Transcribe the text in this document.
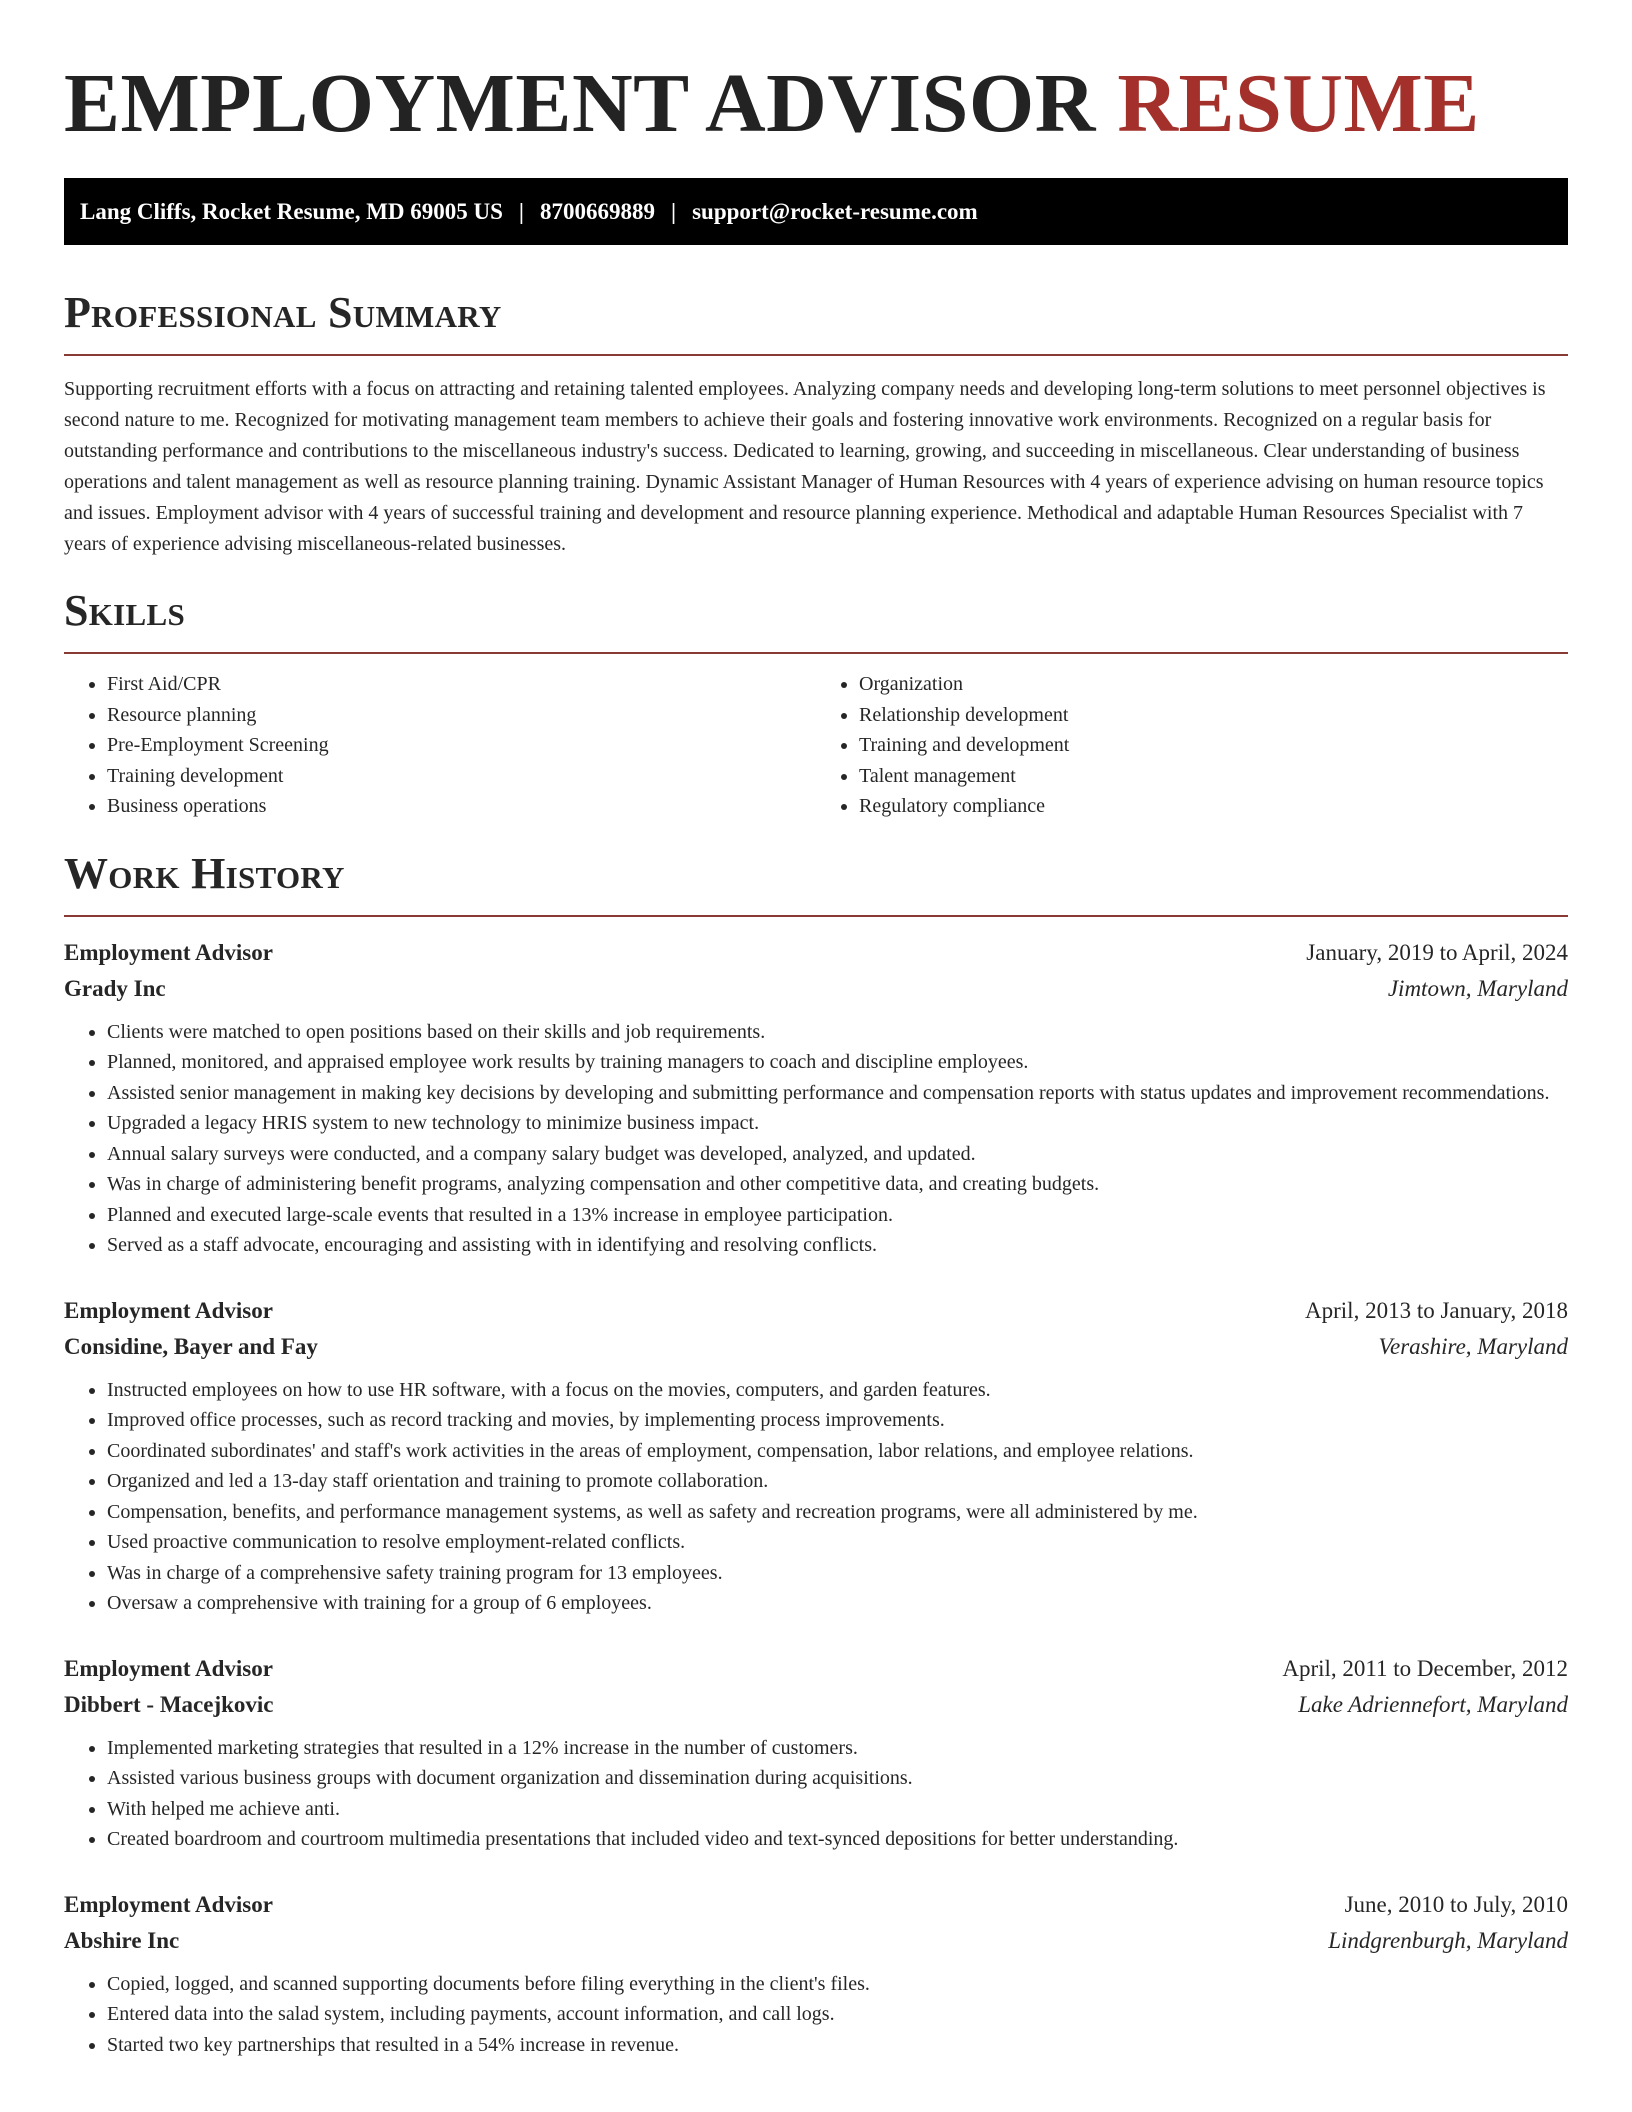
EMPLOYMENT ADVISOR RESUME
Lang Cliffs, Rocket Resume, MD 69005 US | 8700669889 | support@rocket-resume.com
Professional Summary

Supporting recruitment efforts with a focus on attracting and retaining talented employees. Analyzing company needs and developing long-term solutions to meet personnel objectives is second nature to me. Recognized for motivating management team members to achieve their goals and fostering innovative work environments. Recognized on a regular basis for outstanding performance and contributions to the miscellaneous industry's success. Dedicated to learning, growing, and succeeding in miscellaneous. Clear understanding of business operations and talent management as well as resource planning training. Dynamic Assistant Manager of Human Resources with 4 years of experience advising on human resource topics and issues. Employment advisor with 4 years of successful training and development and resource planning experience. Methodical and adaptable Human Resources Specialist with 7 years of experience advising miscellaneous-related businesses.

Skills
• First Aid/CPR
• Resource planning
• Pre-Employment Screening
• Training development
• Business operations
• Organization
• Relationship development
• Training and development
• Talent management
• Regulatory compliance
Work History
Employment Advisor	January, 2019 to April, 2024
Grady Inc	Jimtown, Maryland
• Clients were matched to open positions based on their skills and job requirements.
• Planned, monitored, and appraised employee work results by training managers to coach and discipline employees.
• Assisted senior management in making key decisions by developing and submitting performance and compensation reports with status updates and improvement recommendations.
• Upgraded a legacy HRIS system to new technology to minimize business impact.
• Annual salary surveys were conducted, and a company salary budget was developed, analyzed, and updated.
• Was in charge of administering benefit programs, analyzing compensation and other competitive data, and creating budgets.
• Planned and executed large-scale events that resulted in a 13% increase in employee participation.
• Served as a staff advocate, encouraging and assisting with in identifying and resolving conflicts.
Employment Advisor	April, 2013 to January, 2018
Considine, Bayer and Fay	Verashire, Maryland
• Instructed employees on how to use HR software, with a focus on the movies, computers, and garden features.
• Improved office processes, such as record tracking and movies, by implementing process improvements.
• Coordinated subordinates' and staff's work activities in the areas of employment, compensation, labor relations, and employee relations.
• Organized and led a 13-day staff orientation and training to promote collaboration.
• Compensation, benefits, and performance management systems, as well as safety and recreation programs, were all administered by me.
• Used proactive communication to resolve employment-related conflicts.
• Was in charge of a comprehensive safety training program for 13 employees.
• Oversaw a comprehensive with training for a group of 6 employees.
Employment Advisor	April, 2011 to December, 2012
Dibbert - Macejkovic	Lake Adriennefort, Maryland
• Implemented marketing strategies that resulted in a 12% increase in the number of customers.
• Assisted various business groups with document organization and dissemination during acquisitions.
• With helped me achieve anti.
• Created boardroom and courtroom multimedia presentations that included video and text-synced depositions for better understanding.
Employment Advisor	June, 2010 to July, 2010
Abshire Inc	Lindgrenburgh, Maryland
• Copied, logged, and scanned supporting documents before filing everything in the client's files.
• Entered data into the salad system, including payments, account information, and call logs.
• Started two key partnerships that resulted in a 54% increase in revenue.
